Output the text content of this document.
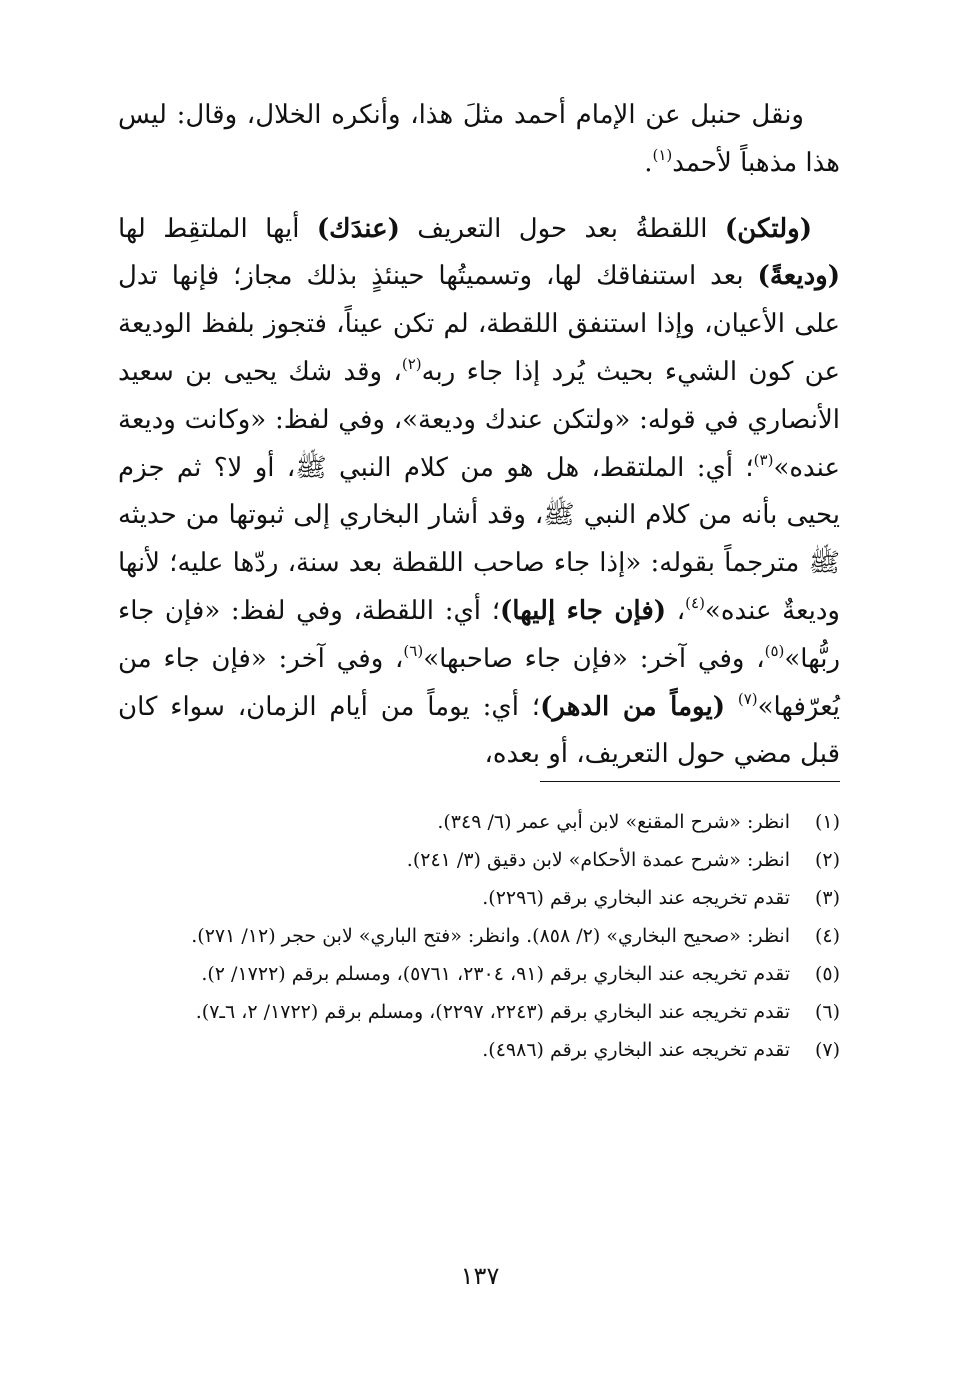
ونقل حنبل عن الإمام أحمد مثلَ هذا، وأنكره الخلال، وقال: ليس هذا مذهباً لأحمد$^{(١)}$.

(ولتكن) اللقطةُ بعد حول التعريف (عندَك) أيها الملتقِط لها (وديعةً) بعد استنفاقك لها، وتسميتُها حينئذٍ بذلك مجاز؛ فإنها تدل على الأعيان، وإذا استنفق اللقطة، لم تكن عيناً، فتجوز بلفظ الوديعة عن كون الشيء بحيث يُرد إذا جاء ربه$^{(٢)}$، وقد شك يحيى بن سعيد الأنصاري في قوله: «ولتكن عندك وديعة»، وفي لفظ: «وكانت وديعة عنده»$^{(٣)}$؛ أي: الملتقط، هل هو من كلام النبي ﷺ، أو لا؟ ثم جزم يحيى بأنه من كلام النبي ﷺ، وقد أشار البخاري إلى ثبوتها من حديثه ﷺ مترجماً بقوله: «إذا جاء صاحب اللقطة بعد سنة، ردّها عليه؛ لأنها وديعةٌ عنده»$^{(٤)}$، (فإن جاء إليها)؛ أي: اللقطة، وفي لفظ: «فإن جاء ربُّها»$^{(٥)}$، وفي آخر: «فإن جاء صاحبها»$^{(٦)}$، وفي آخر: «فإن جاء من يُعرّفها»$^{(٧)}$ (يوماً من الدهر)؛ أي: يوماً من أيام الزمان، سواء كان قبل مضي حول التعريف، أو بعده،

(١)
انظر: «شرح المقنع» لابن أبي عمر (٦/ ٣٤٩).
(٢)
انظر: «شرح عمدة الأحكام» لابن دقيق (٣/ ٢٤١).
(٣)
تقدم تخريجه عند البخاري برقم (٢٢٩٦).
(٤)
انظر: «صحيح البخاري» (٢/ ٨٥٨). وانظر: «فتح الباري» لابن حجر (١٢/ ٢٧١).
(٥)
تقدم تخريجه عند البخاري برقم (٩١، ٢٣٠٤، ٥٧٦١)، ومسلم برقم (١٧٢٢/ ٢).
(٦)
تقدم تخريجه عند البخاري برقم (٢٢٤٣، ٢٢٩٧)، ومسلم برقم (١٧٢٢/ ٢، ٦ـ٧).
(٧)
تقدم تخريجه عند البخاري برقم (٤٩٨٦).
١٣٧
